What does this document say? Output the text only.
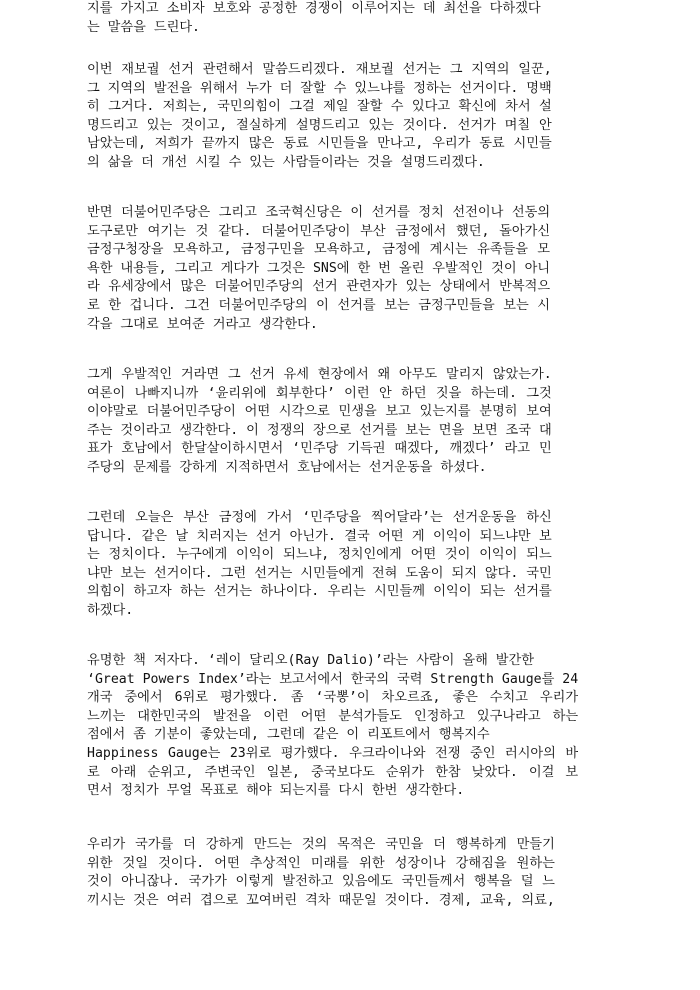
지를 가지고 소비자 보호와 공정한 경쟁이 이루어지는 데 최선을 다하겠다
는 말씀을 드린다.
이번 재보궐 선거 관련해서 말씀드리겠다. 재보궐 선거는 그 지역의 일꾼,
그 지역의 발전을 위해서 누가 더 잘할 수 있느냐를 정하는 선거이다. 명백
히 그거다. 저희는, 국민의힘이 그걸 제일 잘할 수 있다고 확신에 차서 설
명드리고 있는 것이고, 절실하게 설명드리고 있는 것이다. 선거가 며칠 안
남았는데, 저희가 끝까지 많은 동료 시민들을 만나고, 우리가 동료 시민들
의 삶을 더 개선 시킬 수 있는 사람들이라는 것을 설명드리겠다.
반면 더불어민주당은 그리고 조국혁신당은 이 선거를 정치 선전이나 선동의
도구로만 여기는 것 같다. 더불어민주당이 부산 금정에서 했던, 돌아가신
금정구청장을 모욕하고, 금정구민을 모욕하고, 금정에 계시는 유족들을 모
욕한 내용들, 그리고 게다가 그것은 SNS에 한 번 올린 우발적인 것이 아니
라 유세장에서 많은 더불어민주당의 선거 관련자가 있는 상태에서 반복적으
로 한 겁니다. 그건 더불어민주당의 이 선거를 보는 금정구민들을 보는 시
각을 그대로 보여준 거라고 생각한다.
그게 우발적인 거라면 그 선거 유세 현장에서 왜 아무도 말리지 않았는가.
여론이 나빠지니까 ‘윤리위에 회부한다’ 이런 안 하던 짓을 하는데. 그것
이야말로 더불어민주당이 어떤 시각으로 민생을 보고 있는지를 분명히 보여
주는 것이라고 생각한다. 이 정쟁의 장으로 선거를 보는 면을 보면 조국 대
표가 호남에서 한달살이하시면서 ‘민주당 기득권 때겠다, 깨겠다’ 라고 민
주당의 문제를 강하게 지적하면서 호남에서는 선거운동을 하셨다.
그런데 오늘은 부산 금정에 가서 ‘민주당을 찍어달라’는 선거운동을 하신
답니다. 같은 날 치러지는 선거 아닌가. 결국 어떤 게 이익이 되느냐만 보
는 정치이다. 누구에게 이익이 되느냐, 정치인에게 어떤 것이 이익이 되느
냐만 보는 선거이다. 그런 선거는 시민들에게 전혀 도움이 되지 않다. 국민
의힘이 하고자 하는 선거는 하나이다. 우리는 시민들께 이익이 되는 선거를
하겠다.
유명한 책 저자다. ‘레이 달리오(Ray Dalio)’라는 사람이 올해 발간한
‘Great Powers Index’라는 보고서에서 한국의 국력 Strength Gauge를 24
개국 중에서 6위로 평가했다. 좀 ‘국뽕’이 차오르죠, 좋은 수치고 우리가
느끼는 대한민국의 발전을 이런 어떤 분석가들도 인정하고 있구나라고 하는
점에서 좀 기분이 좋았는데, 그런데 같은 이 리포트에서 행복지수
Happiness Gauge는 23위로 평가했다. 우크라이나와 전쟁 중인 러시아의 바
로 아래 순위고, 주변국인 일본, 중국보다도 순위가 한참 낮았다. 이걸 보
면서 정치가 무얼 목표로 해야 되는지를 다시 한번 생각한다.
우리가 국가를 더 강하게 만드는 것의 목적은 국민을 더 행복하게 만들기
위한 것일 것이다. 어떤 추상적인 미래를 위한 성장이나 강해짐을 원하는
것이 아니잖나. 국가가 이렇게 발전하고 있음에도 국민들께서 행복을 덜 느
끼시는 것은 여러 겹으로 꼬여버린 격차 때문일 것이다. 경제, 교육, 의료,
